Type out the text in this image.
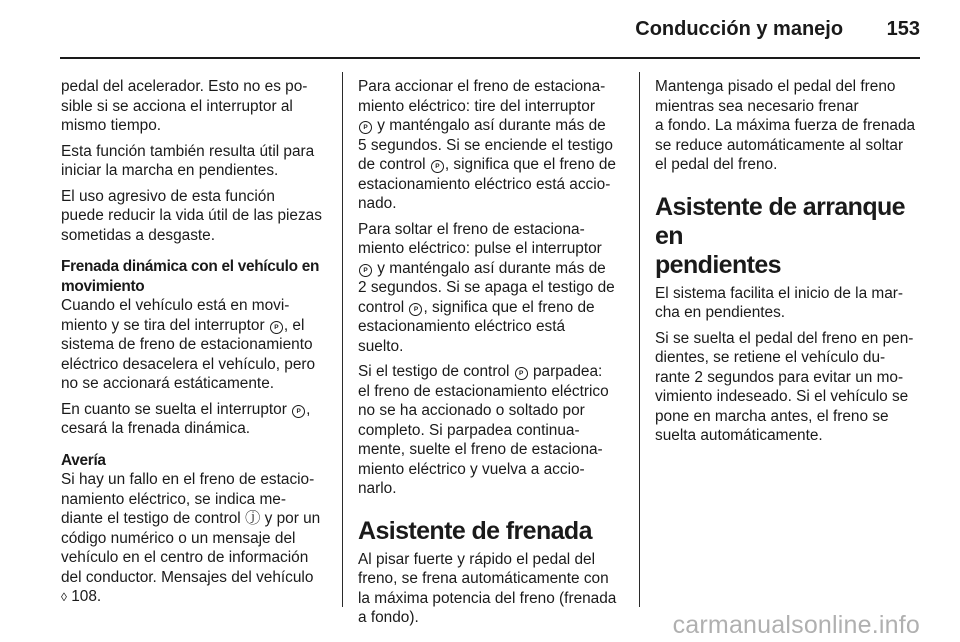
Conducción y manejo 153

pedal del acelerador. Esto no es po-
sible si se acciona el interruptor al
mismo tiempo.

Esta función también resulta útil para
iniciar la marcha en pendientes.

El uso agresivo de esta función
puede reducir la vida útil de las piezas
sometidas a desgaste.

Frenada dinámica con el vehículo en
movimiento

Cuando el vehículo está en movi-
miento y se tira del interruptor P , el
sistema de freno de estacionamiento
eléctrico desacelera el vehículo, pero
no se accionará estáticamente.

En cuanto se suelta el interruptor P ,
cesará la frenada dinámica.

Avería

Si hay un fallo en el freno de estacio-
namiento eléctrico, se indica me-
diante el testigo de control ⓙ y por un
código numérico o un mensaje del
vehículo en el centro de información
del conductor. Mensajes del vehículo
◊ 108.

Para accionar el freno de estaciona-
miento eléctrico: tire del interruptor
P y manténgalo así durante más de
5 segundos. Si se enciende el testigo
de control P , significa que el freno de
estacionamiento eléctrico está accio-
nado.

Para soltar el freno de estaciona-
miento eléctrico: pulse el interruptor
P y manténgalo así durante más de
2 segundos. Si se apaga el testigo de
control P , significa que el freno de
estacionamiento eléctrico está
suelto.

Si el testigo de control P parpadea:
el freno de estacionamiento eléctrico
no se ha accionado o soltado por
completo. Si parpadea continua-
mente, suelte el freno de estaciona-
miento eléctrico y vuelva a accio-
narlo.

Asistente de frenada

Al pisar fuerte y rápido el pedal del
freno, se frena automáticamente con
la máxima potencia del freno (frenada
a fondo).

Mantenga pisado el pedal del freno
mientras sea necesario frenar
a fondo. La máxima fuerza de frenada
se reduce automáticamente al soltar
el pedal del freno.

Asistente de arranque en
pendientes

El sistema facilita el inicio de la mar-
cha en pendientes.

Si se suelta el pedal del freno en pen-
dientes, se retiene el vehículo du-
rante 2 segundos para evitar un mo-
vimiento indeseado. Si el vehículo se
pone en marcha antes, el freno se
suelta automáticamente.

carmanualsonline.info
